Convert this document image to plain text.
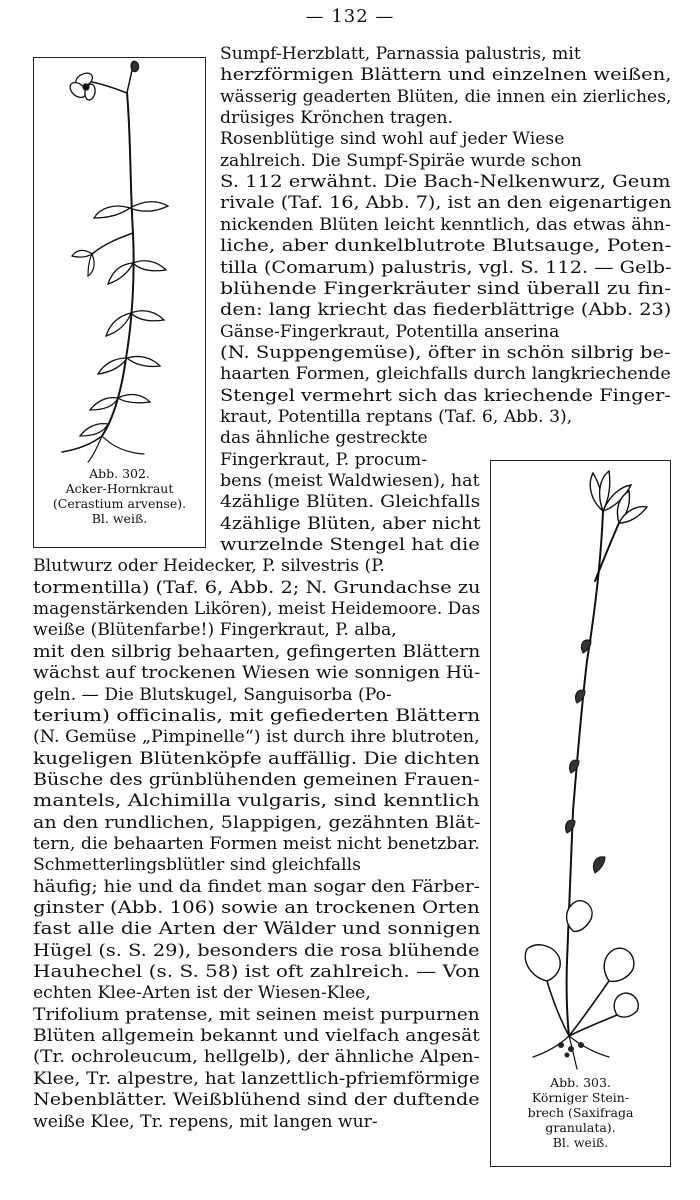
— 132 —
Abb. 302.
Acker-Hornkraut
(Cerastium arvense).
Bl. weiß.
Abb. 303.
Körniger Stein-
brech (Saxifraga
granulata).
Bl. weiß.
Sumpf-Herzblatt, Parnassia palustris, mit
herzförmigen Blättern und einzelnen weißen,
wässerig geaderten Blüten, die innen ein zierliches,
drüsiges Krönchen tragen.
Rosenblütige sind wohl auf jeder Wiese
zahlreich. Die Sumpf-Spiräe wurde schon
S. 112 erwähnt. Die Bach-Nelkenwurz, Geum
rivale (Taf. 16, Abb. 7), ist an den eigenartigen
nickenden Blüten leicht kenntlich, das etwas ähn-
liche, aber dunkelblutrote Blutsauge, Poten-
tilla (Comarum) palustris, vgl. S. 112. — Gelb-
blühende Fingerkräuter sind überall zu fin-
den: lang kriecht das fiederblättrige (Abb. 23)
Gänse-Fingerkraut, Potentilla anserina
(N. Suppengemüse), öfter in schön silbrig be-
haarten Formen, gleichfalls durch langkriechende
Stengel vermehrt sich das kriechende Finger-
kraut, Potentilla reptans (Taf. 6, Abb. 3),
das ähnliche gestreckte
Fingerkraut, P. procum-
bens (meist Waldwiesen), hat
4zählige Blüten. Gleichfalls
4zählige Blüten, aber nicht
wurzelnde Stengel hat die
Blutwurz oder Heidecker, P. silvestris (P.
tormentilla) (Taf. 6, Abb. 2; N. Grundachse zu
magenstärkenden Likören), meist Heidemoore. Das
weiße (Blütenfarbe!) Fingerkraut, P. alba,
mit den silbrig behaarten, gefingerten Blättern
wächst auf trockenen Wiesen wie sonnigen Hü-
geln. — Die Blutskugel, Sanguisorba (Po-
terium) officinalis, mit gefiederten Blättern
(N. Gemüse „Pimpinelle“) ist durch ihre blutroten,
kugeligen Blütenköpfe auffällig. Die dichten
Büsche des grünblühenden gemeinen Frauen-
mantels, Alchimilla vulgaris, sind kenntlich
an den rundlichen, 5lappigen, gezähnten Blät-
tern, die behaarten Formen meist nicht benetzbar.
Schmetterlingsblütler sind gleichfalls
häufig; hie und da findet man sogar den Färber-
ginster (Abb. 106) sowie an trockenen Orten
fast alle die Arten der Wälder und sonnigen
Hügel (s. S. 29), besonders die rosa blühende
Hauhechel (s. S. 58) ist oft zahlreich. — Von
echten Klee-Arten ist der Wiesen-Klee,
Trifolium pratense, mit seinen meist purpurnen
Blüten allgemein bekannt und vielfach angesät
(Tr. ochroleucum, hellgelb), der ähnliche Alpen-
Klee, Tr. alpestre, hat lanzettlich-pfriemförmige
Nebenblätter. Weißblühend sind der duftende
weiße Klee, Tr. repens, mit langen wur-
